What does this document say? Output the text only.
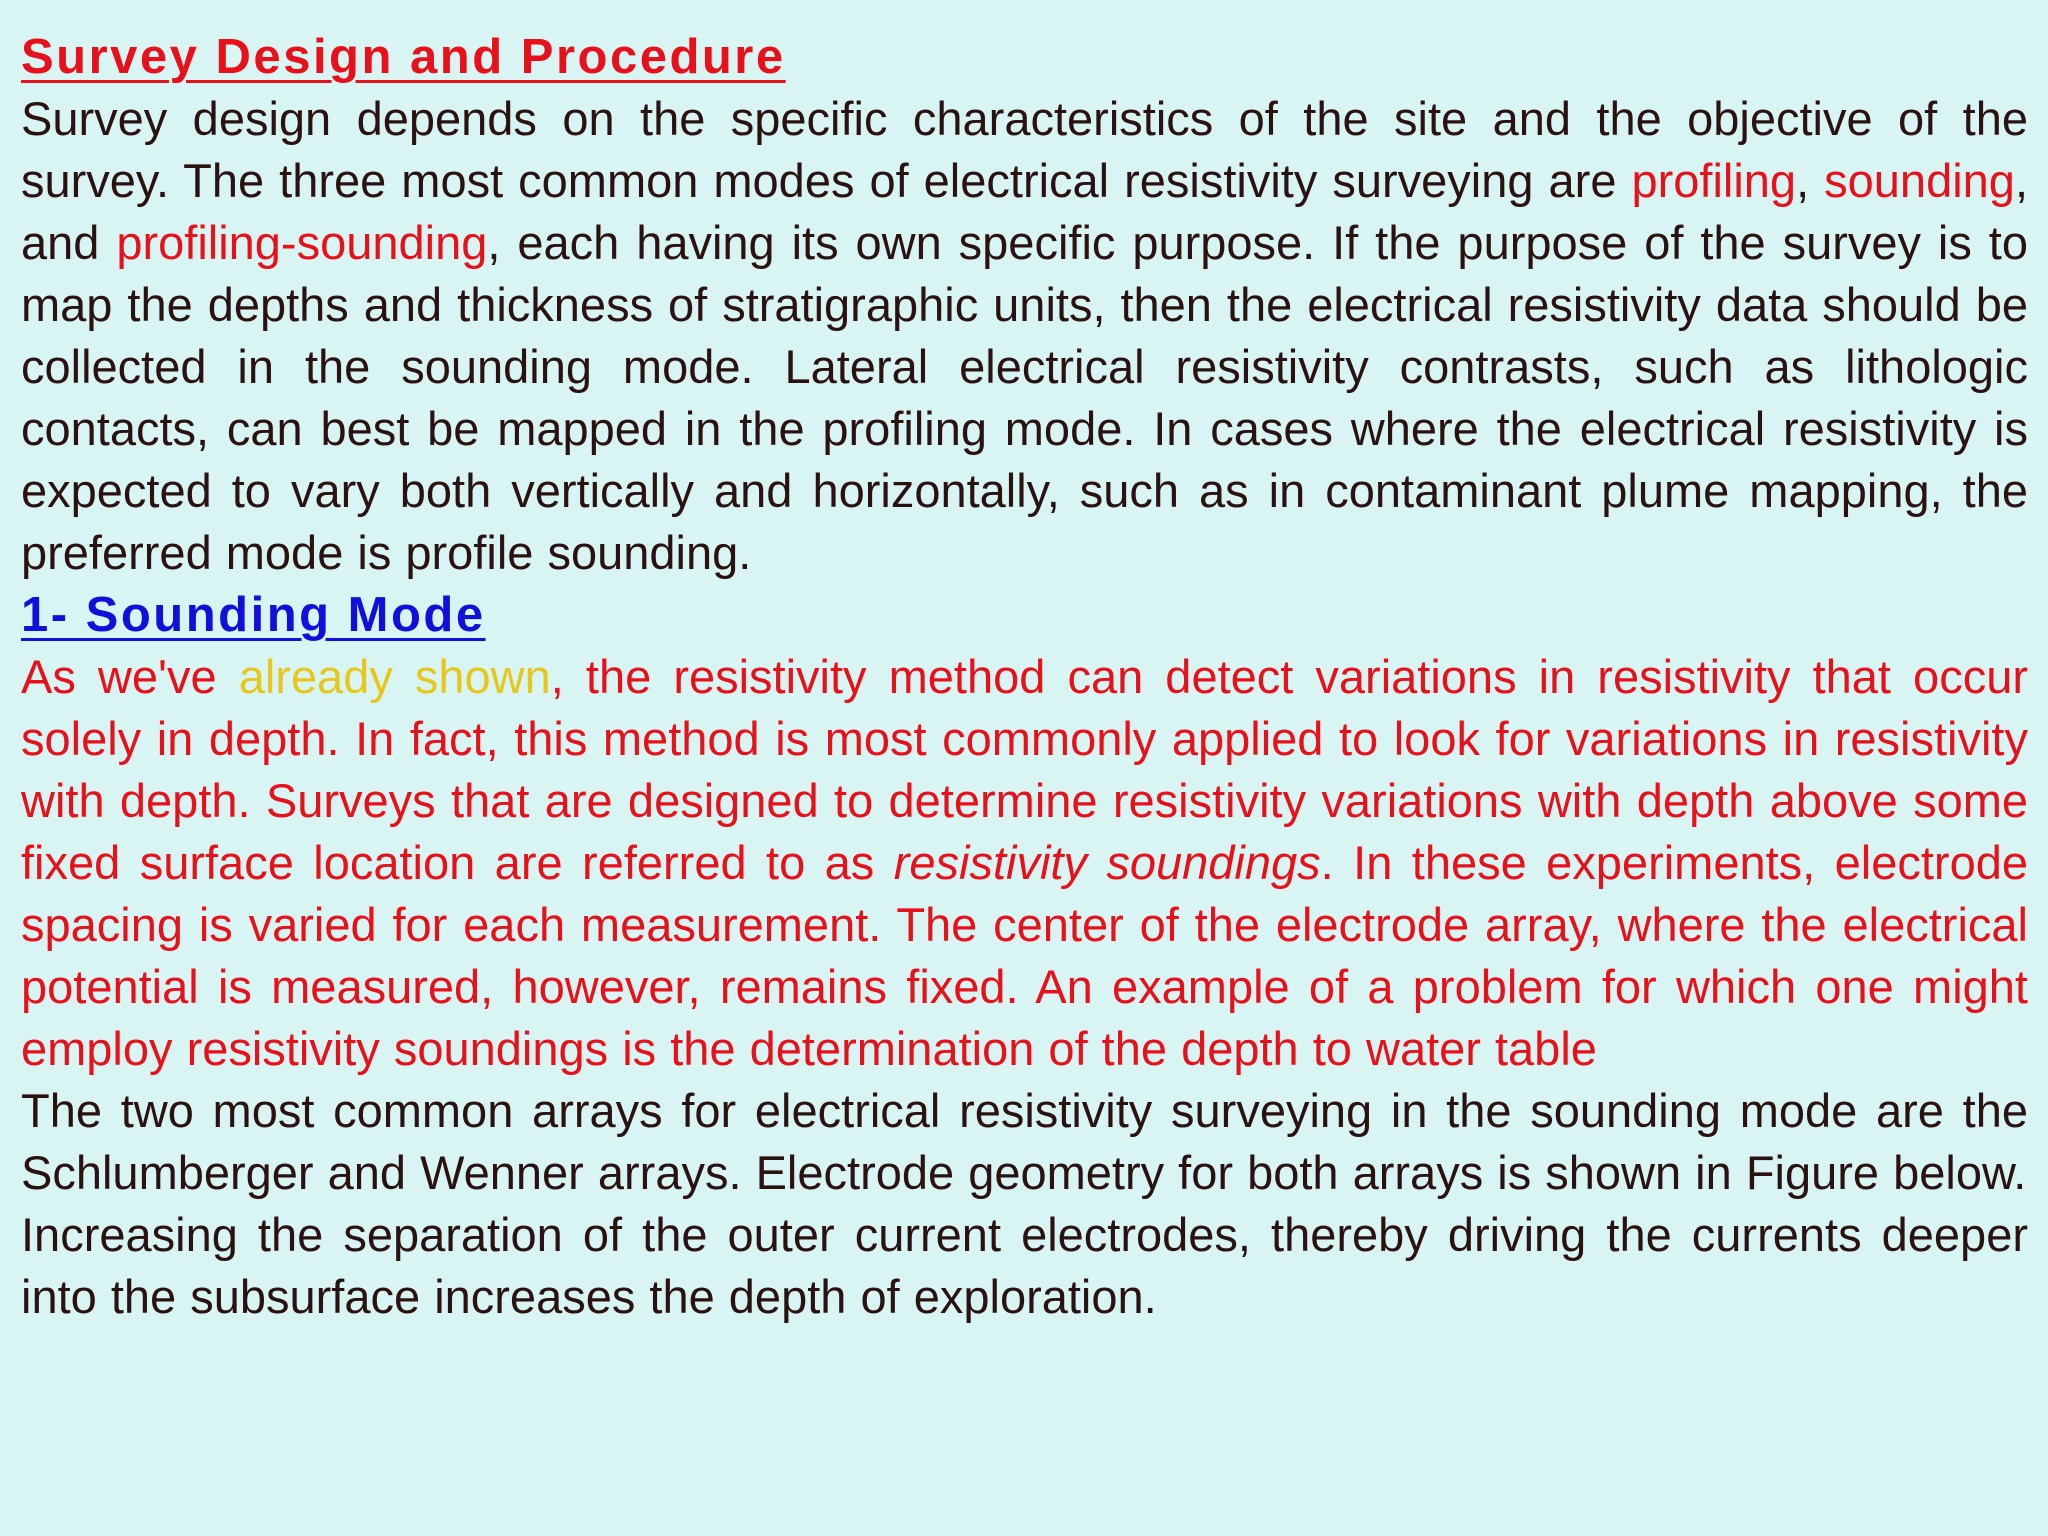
Survey Design and Procedure

Survey design depends on the specific characteristics of the site and the objective of the survey. The three most common modes of electrical resistivity surveying are profiling, sounding, and profiling-sounding, each having its own specific purpose. If the purpose of the survey is to map the depths and thickness of stratigraphic units, then the electrical resistivity data should be collected in the sounding mode. Lateral electrical resistivity contrasts, such as lithologic contacts, can best be mapped in the profiling mode. In cases where the electrical resistivity is expected to vary both vertically and horizontally, such as in contaminant plume mapping, the preferred mode is profile sounding.

1- Sounding Mode

As we've already shown, the resistivity method can detect variations in resistivity that occur solely in depth. In fact, this method is most commonly applied to look for variations in resistivity with depth. Surveys that are designed to determine resistivity variations with depth above some fixed surface location are referred to as resistivity soundings. In these experiments, electrode spacing is varied for each measurement. The center of the electrode array, where the electrical potential is measured, however, remains fixed. An example of a problem for which one might employ resistivity soundings is the determination of the depth to water table

The two most common arrays for electrical resistivity surveying in the sounding mode are the Schlumberger and Wenner arrays. Electrode geometry for both arrays is shown in Figure below.

Increasing the separation of the outer current electrodes, thereby driving the currents deeper into the subsurface increases the depth of exploration.
